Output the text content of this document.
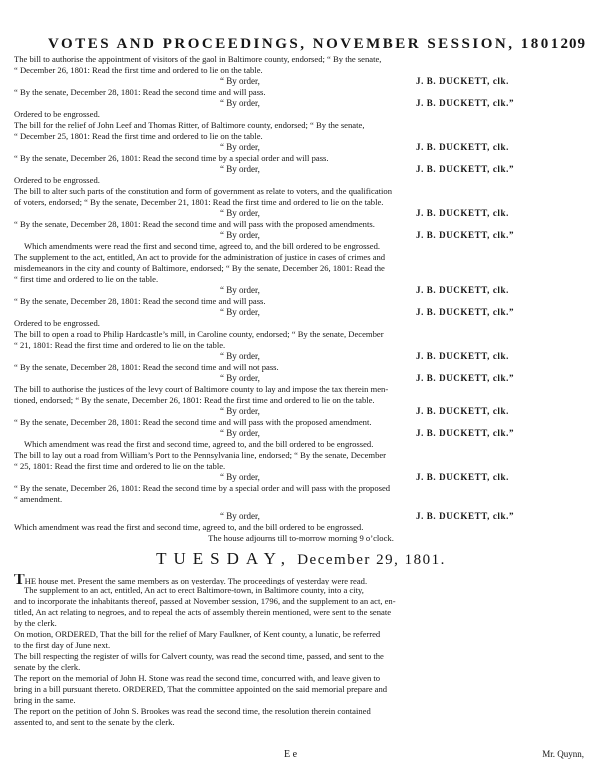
VOTES AND PROCEEDINGS, NOVEMBER SESSION, 1801.
209
The bill to authorise the appointment of visitors of the gaol in Baltimore county, endorsed; “ By the senate,
“ December 26, 1801: Read the first time and ordered to lie on the table.
“ By order,	J. B. DUCKETT, clk.
“ By the senate, December 28, 1801: Read the second time and will pass.
“ By order,	J. B. DUCKETT, clk.”
Ordered to be engrossed.
The bill for the relief of John Leef and Thomas Ritter, of Baltimore county, endorsed; “ By the senate,
“ December 25, 1801: Read the first time and ordered to lie on the table.
“ By order,	J. B. DUCKETT, clk.
“ By the senate, December 26, 1801: Read the second time by a special order and will pass.
“ By order,	J. B. DUCKETT, clk.”
Ordered to be engrossed.
The bill to alter such parts of the constitution and form of government as relate to voters, and the qualification
of voters, endorsed; “ By the senate, December 21, 1801: Read the first time and ordered to lie on the table.
“ By order,	J. B. DUCKETT, clk.
“ By the senate, December 28, 1801: Read the second time and will pass with the proposed amendments.
“ By order,	J. B. DUCKETT, clk.”
Which amendments were read the first and second time, agreed to, and the bill ordered to be engrossed.
The supplement to the act, entitled, An act to provide for the administration of justice in cases of crimes and
misdemeanors in the city and county of Baltimore, endorsed; “ By the senate, December 26, 1801: Read the
“ first time and ordered to lie on the table.
“ By order,	J. B. DUCKETT, clk.
“ By the senate, December 28, 1801: Read the second time and will pass.
“ By order,	J. B. DUCKETT, clk.”
Ordered to be engrossed.
The bill to open a road to Philip Hardcastle’s mill, in Caroline county, endorsed; “ By the senate, December
“ 21, 1801: Read the first time and ordered to lie on the table.
“ By order,	J. B. DUCKETT, clk.
“ By the senate, December 28, 1801: Read the second time and will not pass.
“ By order,	J. B. DUCKETT, clk.”
The bill to authorise the justices of the levy court of Baltimore county to lay and impose the tax therein men-
tioned, endorsed; “ By the senate, December 26, 1801: Read the first time and ordered to lie on the table.
“ By order,	J. B. DUCKETT, clk.
“ By the senate, December 28, 1801: Read the second time and will pass with the proposed amendment.
“ By order,	J. B. DUCKETT, clk.”
Which amendment was read the first and second time, agreed to, and the bill ordered to be engrossed.
The bill to lay out a road from William’s Port to the Pennsylvania line, endorsed; “ By the senate, December
“ 25, 1801: Read the first time and ordered to lie on the table.
“ By order,	J. B. DUCKETT, clk.
“ By the senate, December 26, 1801: Read the second time by a special order and will pass with the proposed
“ amendment.
“ By order,	J. B. DUCKETT, clk.”
Which amendment was read the first and second time, agreed to, and the bill ordered to be engrossed.
The house adjourns till to-morrow morning 9 o’clock.
TUESDAY, December 29, 1801.
THE house met. Present the same members as on yesterday. The proceedings of yesterday were read.
The supplement to an act, entitled, An act to erect Baltimore-town, in Baltimore county, into a city,
and to incorporate the inhabitants thereof, passed at November session, 1796, and the supplement to an act, en-
titled, An act relating to negroes, and to repeal the acts of assembly therein mentioned, were sent to the senate
by the clerk.
On motion, ORDERED, That the bill for the relief of Mary Faulkner, of Kent county, a lunatic, be referred
to the first day of June next.
The bill respecting the register of wills for Calvert county, was read the second time, passed, and sent to the
senate by the clerk.
The report on the memorial of John H. Stone was read the second time, concurred with, and leave given to
bring in a bill pursuant thereto. ORDERED, That the committee appointed on the said memorial prepare and
bring in the same.
The report on the petition of John S. Brookes was read the second time, the resolution therein contained
assented to, and sent to the senate by the clerk.
E e	Mr. Quynn,
